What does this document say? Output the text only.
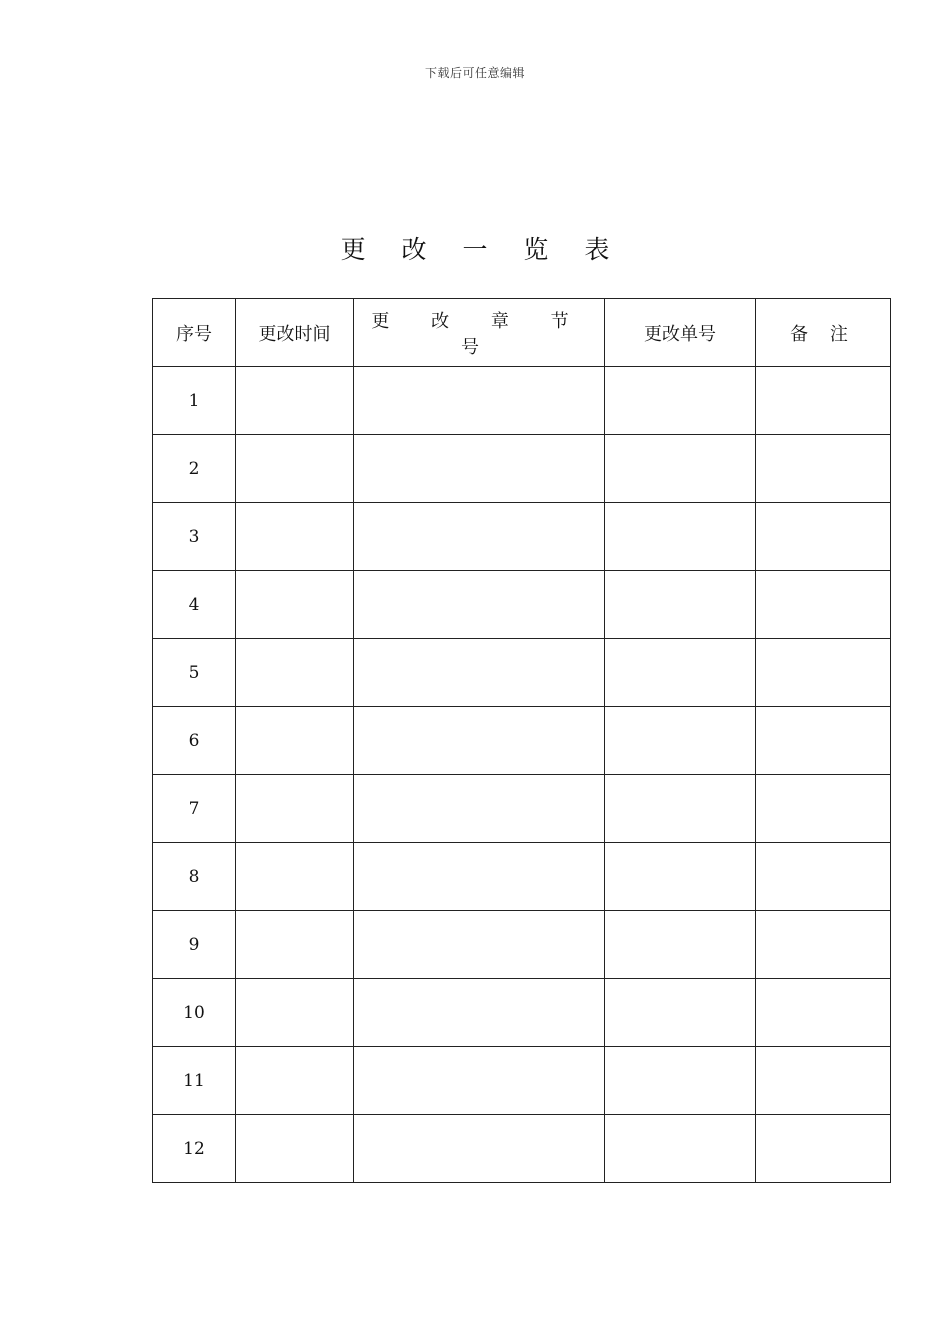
下载后可任意编辑
更 改 一 览 表
序号	更改时间	更 改 章 节 号	更改单号	备 注
1				
2				
3				
4				
5				
6				
7				
8				
9				
10				
11				
12				
